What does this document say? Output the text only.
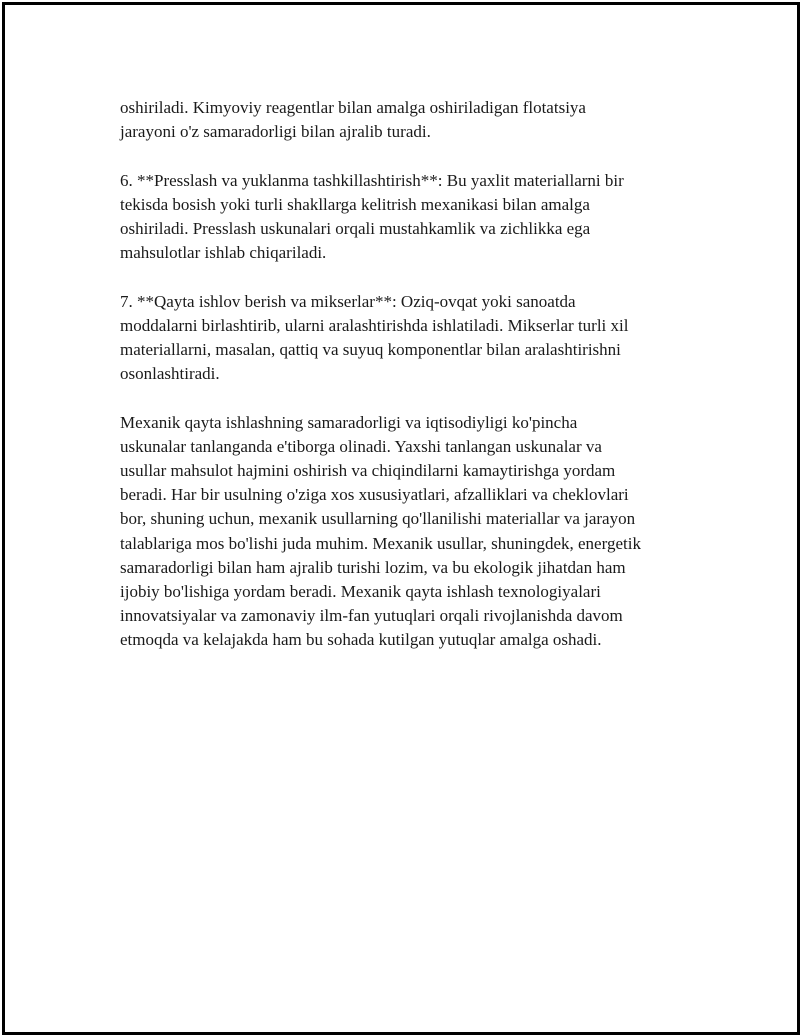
oshiriladi. Kimyoviy reagentlar bilan amalga oshiriladigan flotatsiya
jarayoni o'z samaradorligi bilan ajralib turadi.

6. **Presslash va yuklanma tashkillashtirish**: Bu yaxlit materiallarni bir
tekisda bosish yoki turli shakllarga kelitrish mexanikasi bilan amalga
oshiriladi. Presslash uskunalari orqali mustahkamlik va zichlikka ega
mahsulotlar ishlab chiqariladi.

7. **Qayta ishlov berish va mikserlar**: Oziq-ovqat yoki sanoatda
moddalarni birlashtirib, ularni aralashtirishda ishlatiladi. Mikserlar turli xil
materiallarni, masalan, qattiq va suyuq komponentlar bilan aralashtirishni
osonlashtiradi.

Mexanik qayta ishlashning samaradorligi va iqtisodiyligi ko'pincha
uskunalar tanlanganda e'tiborga olinadi. Yaxshi tanlangan uskunalar va
usullar mahsulot hajmini oshirish va chiqindilarni kamaytirishga yordam
beradi. Har bir usulning o'ziga xos xususiyatlari, afzalliklari va cheklovlari
bor, shuning uchun, mexanik usullarning qo'llanilishi materiallar va jarayon
talablariga mos bo'lishi juda muhim. Mexanik usullar, shuningdek, energetik
samaradorligi bilan ham ajralib turishi lozim, va bu ekologik jihatdan ham
ijobiy bo'lishiga yordam beradi. Mexanik qayta ishlash texnologiyalari
innovatsiyalar va zamonaviy ilm-fan yutuqlari orqali rivojlanishda davom
etmoqda va kelajakda ham bu sohada kutilgan yutuqlar amalga oshadi.
